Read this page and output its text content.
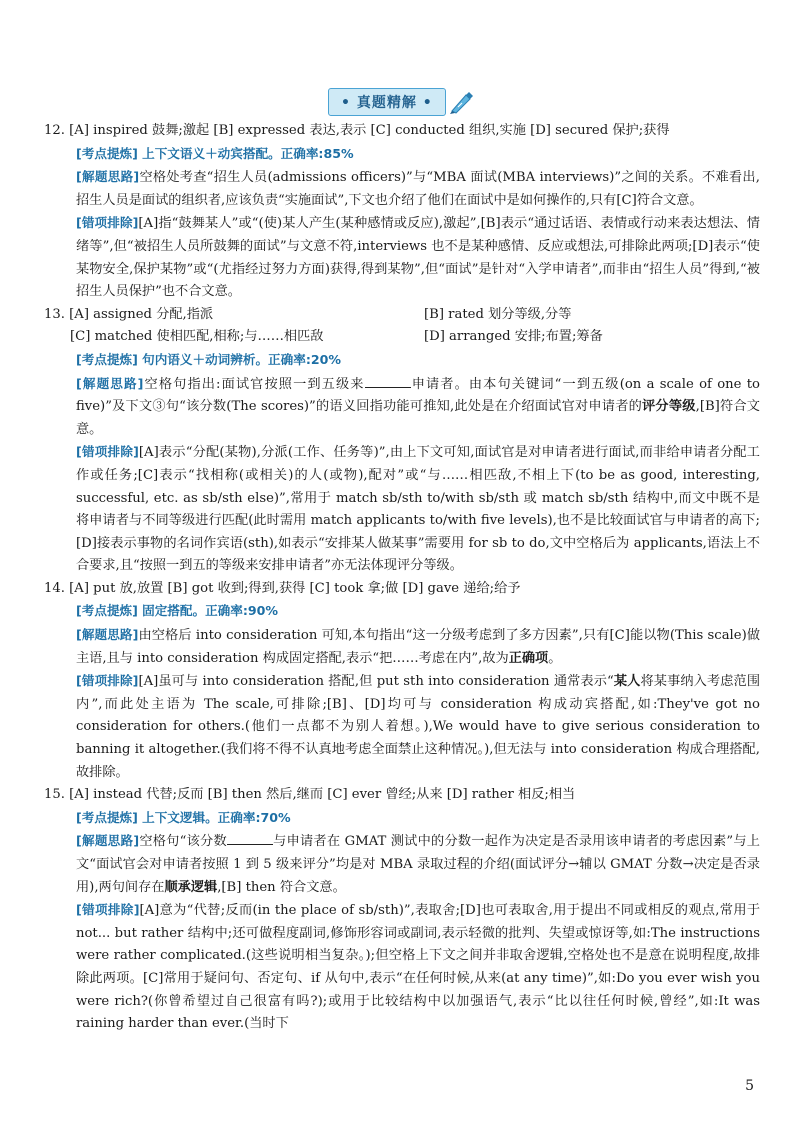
• 真题精解 •

12. [A] inspired 鼓舞;激起 [B] expressed 表达,表示 [C] conducted 组织,实施 [D] secured 保护;获得

[考点提炼] 上下文语义＋动宾搭配。正确率:85%

[解题思路]空格处考查“招生人员(admissions officers)”与“MBA 面试(MBA interviews)”之间的关系。不难看出,招生人员是面试的组织者,应该负责“实施面试”,下文也介绍了他们在面试中是如何操作的,只有[C]符合文意。

[错项排除][A]指“鼓舞某人”或“(使)某人产生(某种感情或反应),激起”,[B]表示“通过话语、表情或行动来表达想法、情绪等”,但“被招生人员所鼓舞的面试”与文意不符,interviews 也不是某种感情、反应或想法,可排除此两项;[D]表示“使某物安全,保护某物”或“(尤指经过努力方面)获得,得到某物”,但“面试”是针对“入学申请者”,而非由“招生人员”得到,“被招生人员保护”也不合文意。

13. [A] assigned 分配,指派	[B] rated 划分等级,分等
[C] matched 使相匹配,相称;与……相匹敌	[D] arranged 安排;布置;筹备

[考点提炼] 句内语义＋动词辨析。正确率:20%

[解题思路]空格句指出:面试官按照一到五级来	申请者。由本句关键词“一到五级(on a scale of one to five)”及下文③句“该分数(The scores)”的语义回指功能可推知,此处是在介绍面试官对申请者的评分等级,[B]符合文意。

[错项排除][A]表示“分配(某物),分派(工作、任务等)”,由上下文可知,面试官是对申请者进行面试,而非给申请者分配工作或任务;[C]表示“找相称(或相关)的人(或物),配对”或“与……相匹敌,不相上下(to be as good, interesting, successful, etc. as sb/sth else)”,常用于 match sb/sth to/with sb/sth 或 match sb/sth 结构中,而文中既不是将申请者与不同等级进行匹配(此时需用 match applicants to/with five levels),也不是比较面试官与申请者的高下;[D]接表示事物的名词作宾语(sth),如表示“安排某人做某事”需要用 for sb to do,文中空格后为 applicants,语法上不合要求,且“按照一到五的等级来安排申请者”亦无法体现评分等级。

14. [A] put 放,放置 [B] got 收到;得到,获得 [C] took 拿;做 [D] gave 递给;给予

[考点提炼] 固定搭配。正确率:90%

[解题思路]由空格后 into consideration 可知,本句指出“这一分级考虑到了多方因素”,只有[C]能以物(This scale)做主语,且与 into consideration 构成固定搭配,表示“把……考虑在内”,故为正确项。

[错项排除][A]虽可与 into consideration 搭配,但 put sth into consideration 通常表示“某人将某事纳入考虑范围内”,而此处主语为 The scale,可排除;[B]、[D]均可与 consideration 构成动宾搭配,如:They've got no consideration for others.(他们一点都不为别人着想。),We would have to give serious consideration to banning it altogether.(我们将不得不认真地考虑全面禁止这种情况。),但无法与 into consideration 构成合理搭配,故排除。

15. [A] instead 代替;反而 [B] then 然后,继而 [C] ever 曾经;从来 [D] rather 相反;相当

[考点提炼] 上下文逻辑。正确率:70%

[解题思路]空格句“该分数	与申请者在 GMAT 测试中的分数一起作为决定是否录用该申请者的考虑因素”与上文“面试官会对申请者按照 1 到 5 级来评分”均是对 MBA 录取过程的介绍(面试评分→辅以 GMAT 分数→决定是否录用),两句间存在顺承逻辑,[B] then 符合文意。

[错项排除][A]意为“代替;反而(in the place of sb/sth)”,表取舍;[D]也可表取舍,用于提出不同或相反的观点,常用于 not... but rather 结构中;还可做程度副词,修饰形容词或副词,表示轻微的批判、失望或惊讶等,如:The instructions were rather complicated.(这些说明相当复杂。);但空格上下文之间并非取舍逻辑,空格处也不是意在说明程度,故排除此两项。[C]常用于疑问句、否定句、if 从句中,表示“在任何时候,从来(at any time)”,如:Do you ever wish you were rich?(你曾希望过自己很富有吗?);或用于比较结构中以加强语气,表示“比以往任何时候,曾经”,如:It was raining harder than ever.(当时下

5
